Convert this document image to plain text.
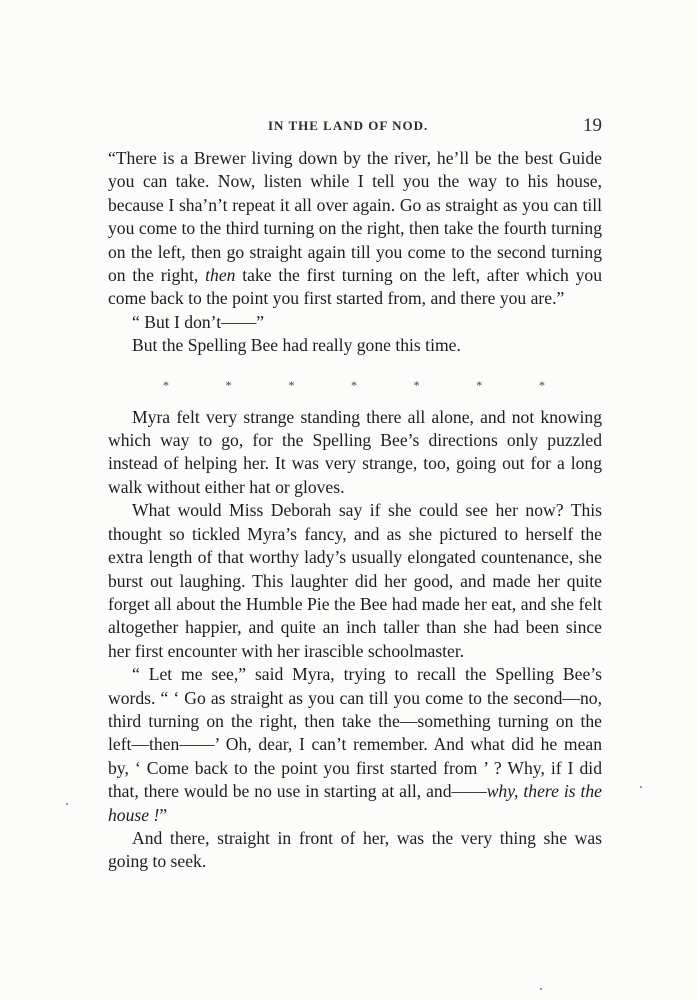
IN THE LAND OF NOD.	19

“There is a Brewer living down by the river, he’ll be the best Guide you can take. Now, listen while I tell you the way to his house, because I sha’n’t repeat it all over again. Go as straight as you can till you come to the third turning on the right, then take the fourth turning on the left, then go straight again till you come to the second turning on the right, then take the first turning on the left, after which you come back to the point you first started from, and there you are.”

“ But I don’t——”

But the Spelling Bee had really gone this time.

*	*	*	*	*	*	*

Myra felt very strange standing there all alone, and not knowing which way to go, for the Spelling Bee’s directions only puzzled instead of helping her. It was very strange, too, going out for a long walk without either hat or gloves.

What would Miss Deborah say if she could see her now? This thought so tickled Myra’s fancy, and as she pictured to herself the extra length of that worthy lady’s usually elongated countenance, she burst out laughing. This laughter did her good, and made her quite forget all about the Humble Pie the Bee had made her eat, and she felt altogether happier, and quite an inch taller than she had been since her first encounter with her irascible schoolmaster.

“ Let me see,” said Myra, trying to recall the Spelling Bee’s words. “ ‘ Go as straight as you can till you come to the second—no, third turning on the right, then take the—something turning on the left—then——’ Oh, dear, I can’t remember. And what did he mean by, ‘ Come back to the point you first started from ’ ? Why, if I did that, there would be no use in starting at all, and——why, there is the house !”

And there, straight in front of her, was the very thing she was going to seek.
